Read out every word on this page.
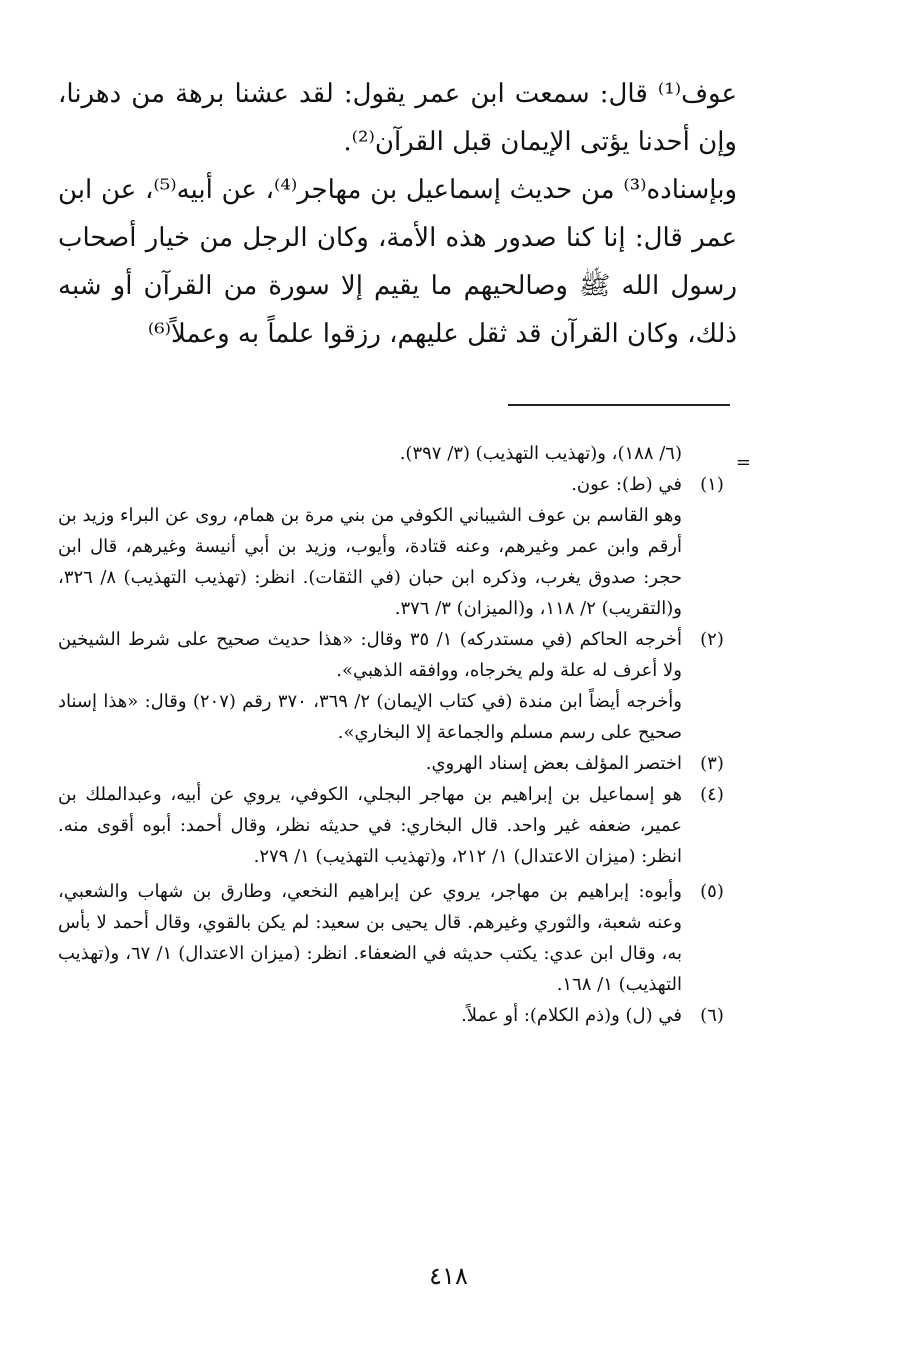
عوف⁽¹⁾ قال: سمعت ابن عمر يقول: لقد عشنا برهة من دهرنا، وإن أحدنا يؤتى الإيمان قبل القرآن⁽²⁾.

وبإسناده⁽³⁾ من حديث إسماعيل بن مهاجر⁽⁴⁾، عن أبيه⁽⁵⁾، عن ابن عمر قال: إنا كنا صدور هذه الأمة، وكان الرجل من خيار أصحاب رسول الله ﷺ وصالحيهم ما يقيم إلا سورة من القرآن أو شبه ذلك، وكان القرآن قد ثقل عليهم، رزقوا علماً به وعملاً⁽⁶⁾

=

(٦/ ١٨٨)، و(تهذيب التهذيب) (٣/ ٣٩٧).

(١)

في (ط): عون.

وهو القاسم بن عوف الشيباني الكوفي من بني مرة بن همام، روى عن البراء وزيد بن أرقم وابن عمر وغيرهم، وعنه قتادة، وأيوب، وزيد بن أبي أنيسة وغيرهم، قال ابن حجر: صدوق يغرب، وذكره ابن حبان (في الثقات). انظر: (تهذيب التهذيب) ٨/ ٣٢٦، و(التقريب) ٢/ ١١٨، و(الميزان) ٣/ ٣٧٦.

(٢)

أخرجه الحاكم (في مستدركه) ١/ ٣٥ وقال: «هذا حديث صحيح على شرط الشيخين ولا أعرف له علة ولم يخرجاه، ووافقه الذهبي».

وأخرجه أيضاً ابن مندة (في كتاب الإيمان) ٢/ ٣٦٩، ٣٧٠ رقم (٢٠٧) وقال: «هذا إسناد صحيح على رسم مسلم والجماعة إلا البخاري».

(٣)

اختصر المؤلف بعض إسناد الهروي.

(٤)

هو إسماعيل بن إبراهيم بن مهاجر البجلي، الكوفي، يروي عن أبيه، وعبدالملك بن عمير، ضعفه غير واحد. قال البخاري: في حديثه نظر، وقال أحمد: أبوه أقوى منه. انظر: (ميزان الاعتدال) ١/ ٢١٢، و(تهذيب التهذيب) ١/ ٢٧٩.

(٥)

وأبوه: إبراهيم بن مهاجر، يروي عن إبراهيم النخعي، وطارق بن شهاب والشعبي، وعنه شعبة، والثوري وغيرهم. قال يحيى بن سعيد: لم يكن بالقوي، وقال أحمد لا بأس به، وقال ابن عدي: يكتب حديثه في الضعفاء. انظر: (ميزان الاعتدال) ١/ ٦٧، و(تهذيب التهذيب) ١/ ١٦٨.

(٦)

في (ل) و(ذم الكلام): أو عملاً.

٤١٨
